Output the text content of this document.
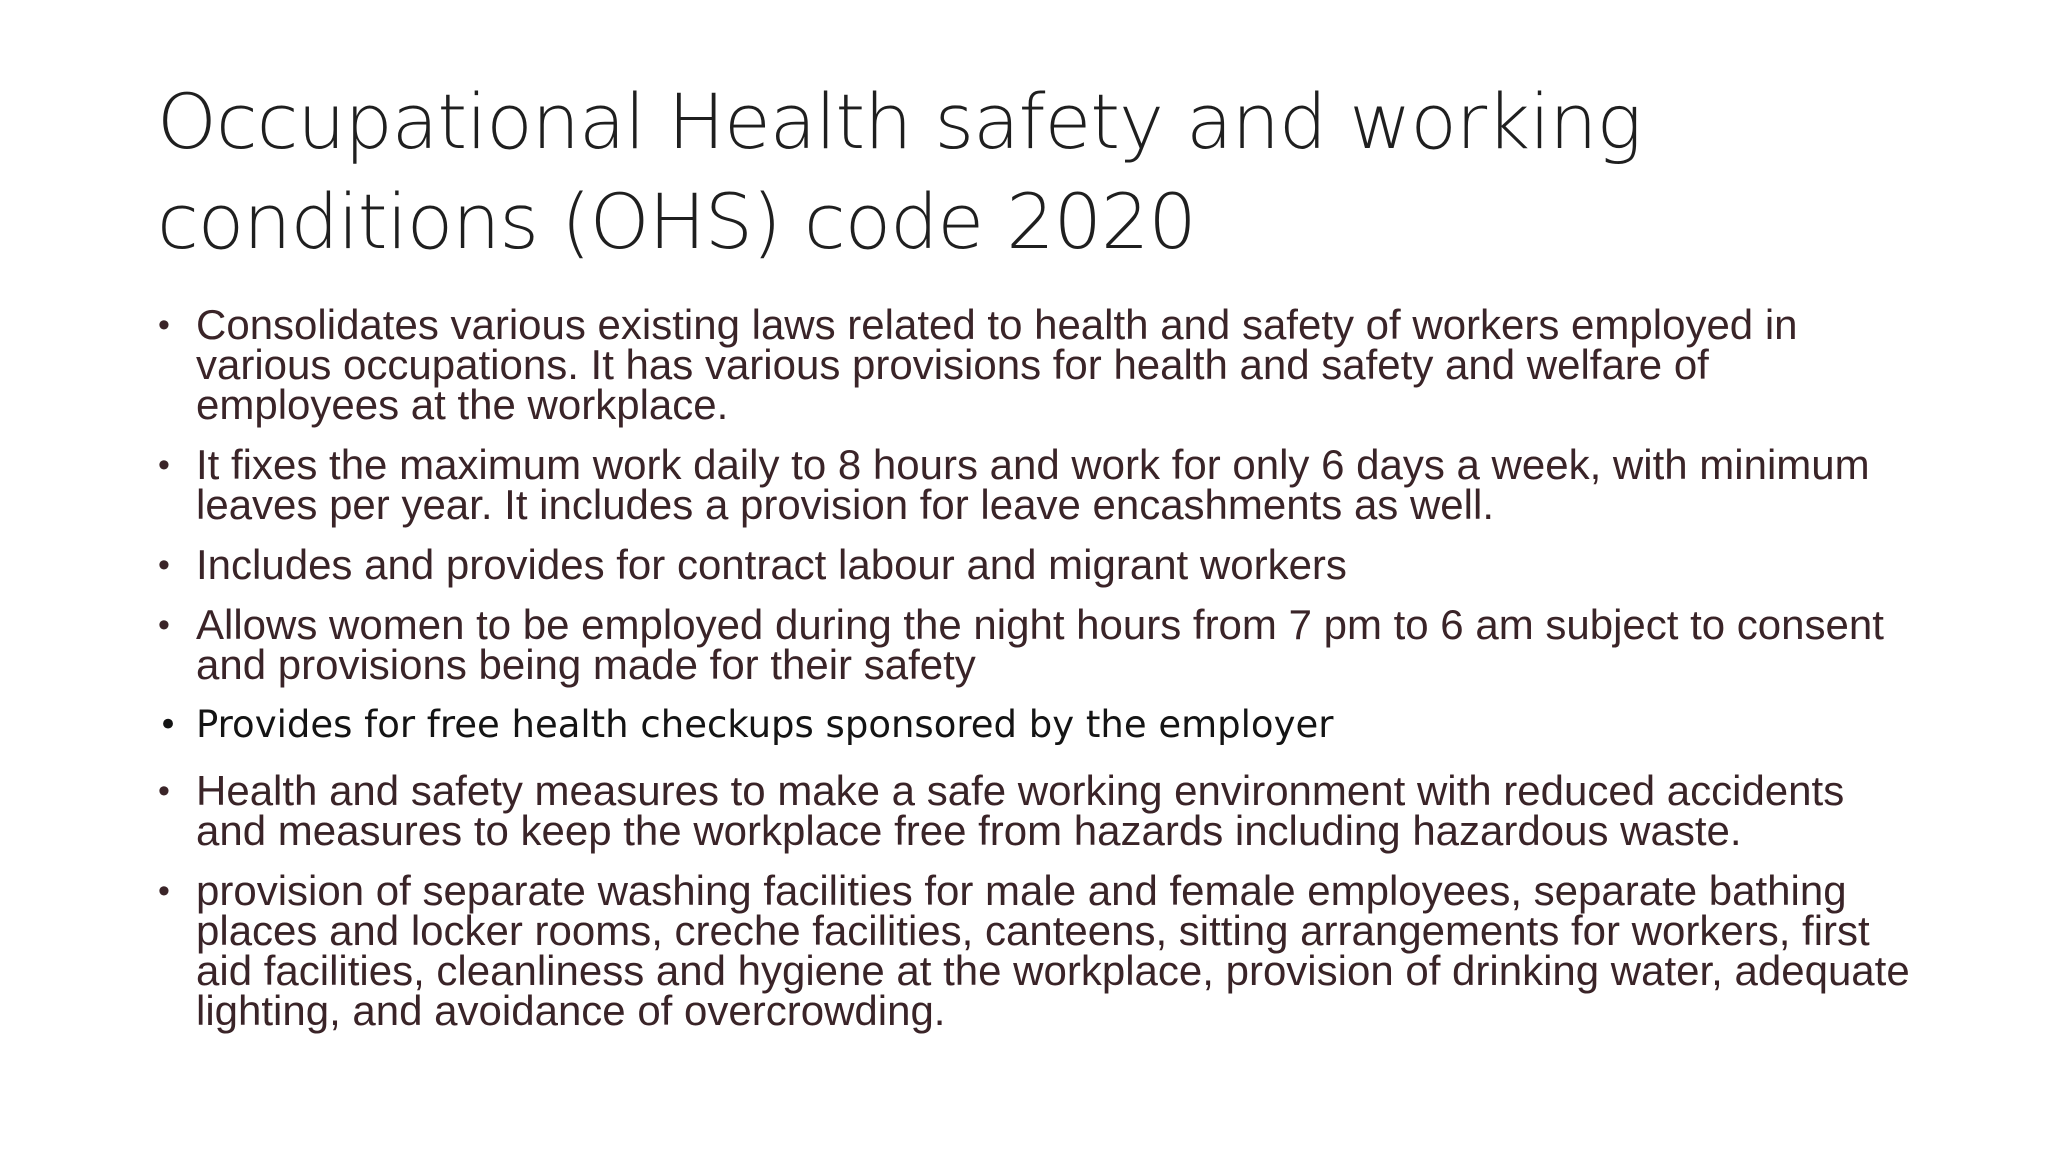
Occupational Health safety and working conditions (OHS) code 2020
• Consolidates various existing laws related to health and safety of workers employed in various occupations. It has various provisions for health and safety and welfare of employees at the workplace.
• It fixes the maximum work daily to 8 hours and work for only 6 days a week, with minimum leaves per year. It includes a provision for leave encashments as well.
• Includes and provides for contract labour and migrant workers
• Allows women to be employed during the night hours from 7 pm to 6 am subject to consent and provisions being made for their safety
• Provides for free health checkups sponsored by the employer
• Health and safety measures to make a safe working environment with reduced accidents and measures to keep the workplace free from hazards including hazardous waste.
• provision of separate washing facilities for male and female employees, separate bathing places and locker rooms, creche facilities, canteens, sitting arrangements for workers, first aid facilities, cleanliness and hygiene at the workplace, provision of drinking water, adequate lighting, and avoidance of overcrowding.
